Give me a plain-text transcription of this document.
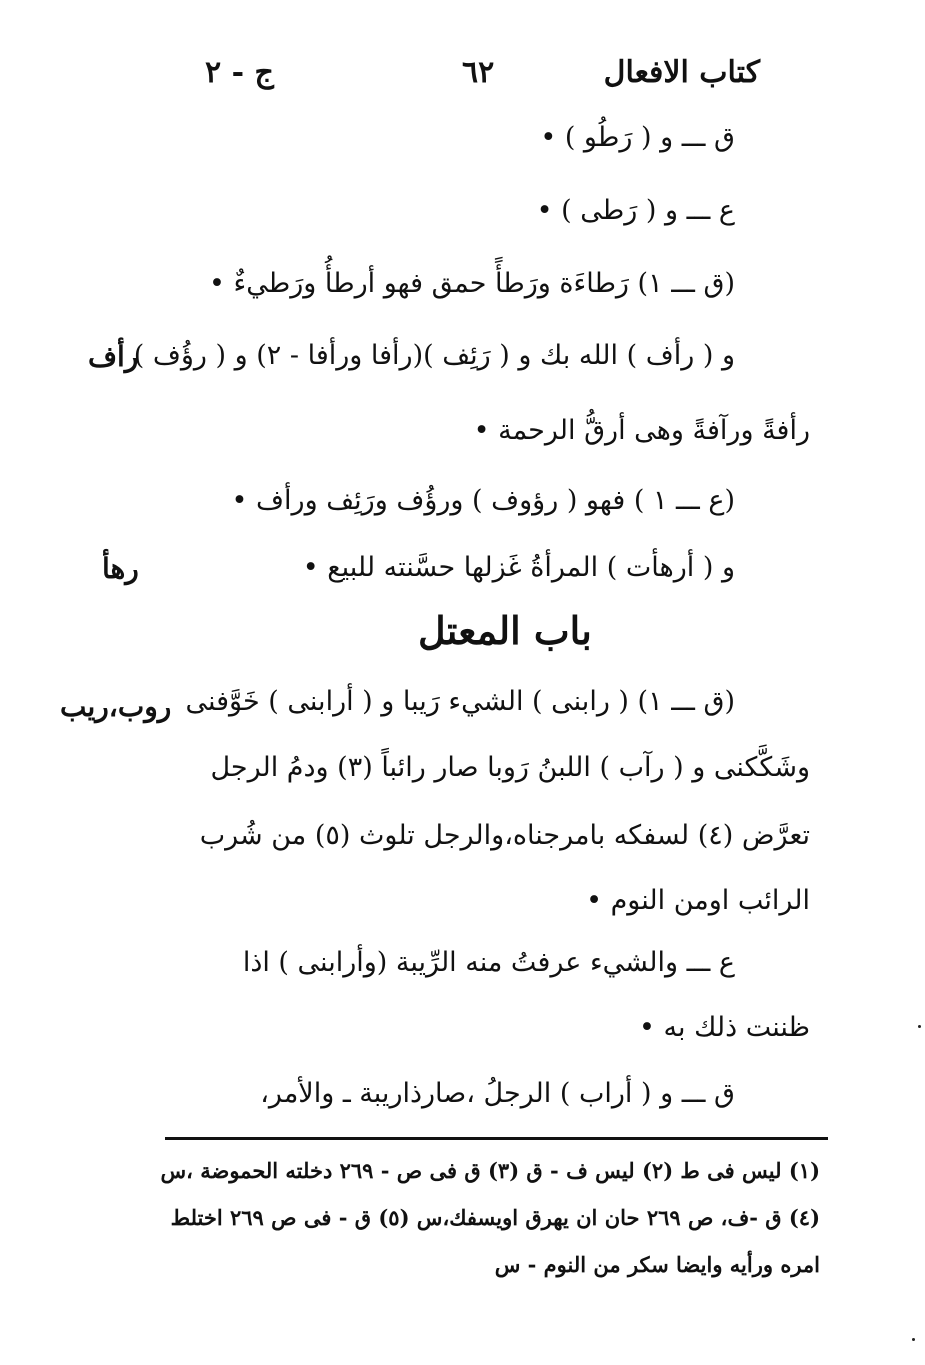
كتاب الافعال
٦٢
ج - ٢
ق ـــ و ( رَطُو ) •
ع ـــ و ( رَطى ) •
(ق ـــ ١) رَطاءَة ورَطأً حمق فهو أرطأُ ورَطيءٌ •
و ( رأف ) الله بك و ( رَئِف )(رأفا ورأفا - ٢) و ( رؤُف )
رأفةً ورآفةً وهى أرقُّ الرحمة •
(ع ـــ ١ ) فهو ( رؤوف ) ورؤُف ورَئِف ورأف •
و ( أرهأت ) المرأةُ غَزلها حسَّنته للبيع •
رأف
رهأ
روب،ريب
باب المعتل
(ق ـــ ١) ( رابنى ) الشيء رَيبا و ( أرابنى ) خَوَّفنى
وشَكَّكنى و ( رآب ) اللبنُ رَوبا صار رائباً (٣) ودمُ الرجل
تعرَّض (٤) لسفكه بامرجناه،والرجل تلوث (٥) من شُرب
الرائب اومن النوم •
ع ـــ والشيء عرفتُ منه الرِّيبة (وأرابنى ) اذا
ظننت ذلك به •
ق ـــ و ( أراب ) الرجلُ ،صارذاريبة ـ والأمر،
(١) ليس فى ط (٢) ليس ف - ق (٣) ق فى ص - ٢٦٩ دخلته الحموضة ،س
(٤) ق -ف، ص ٢٦٩ حان ان يهرق اويسفك،س (٥) ق - فى ص ٢٦٩ اختلط
امره ورأيه وايضا سكر من النوم - س
